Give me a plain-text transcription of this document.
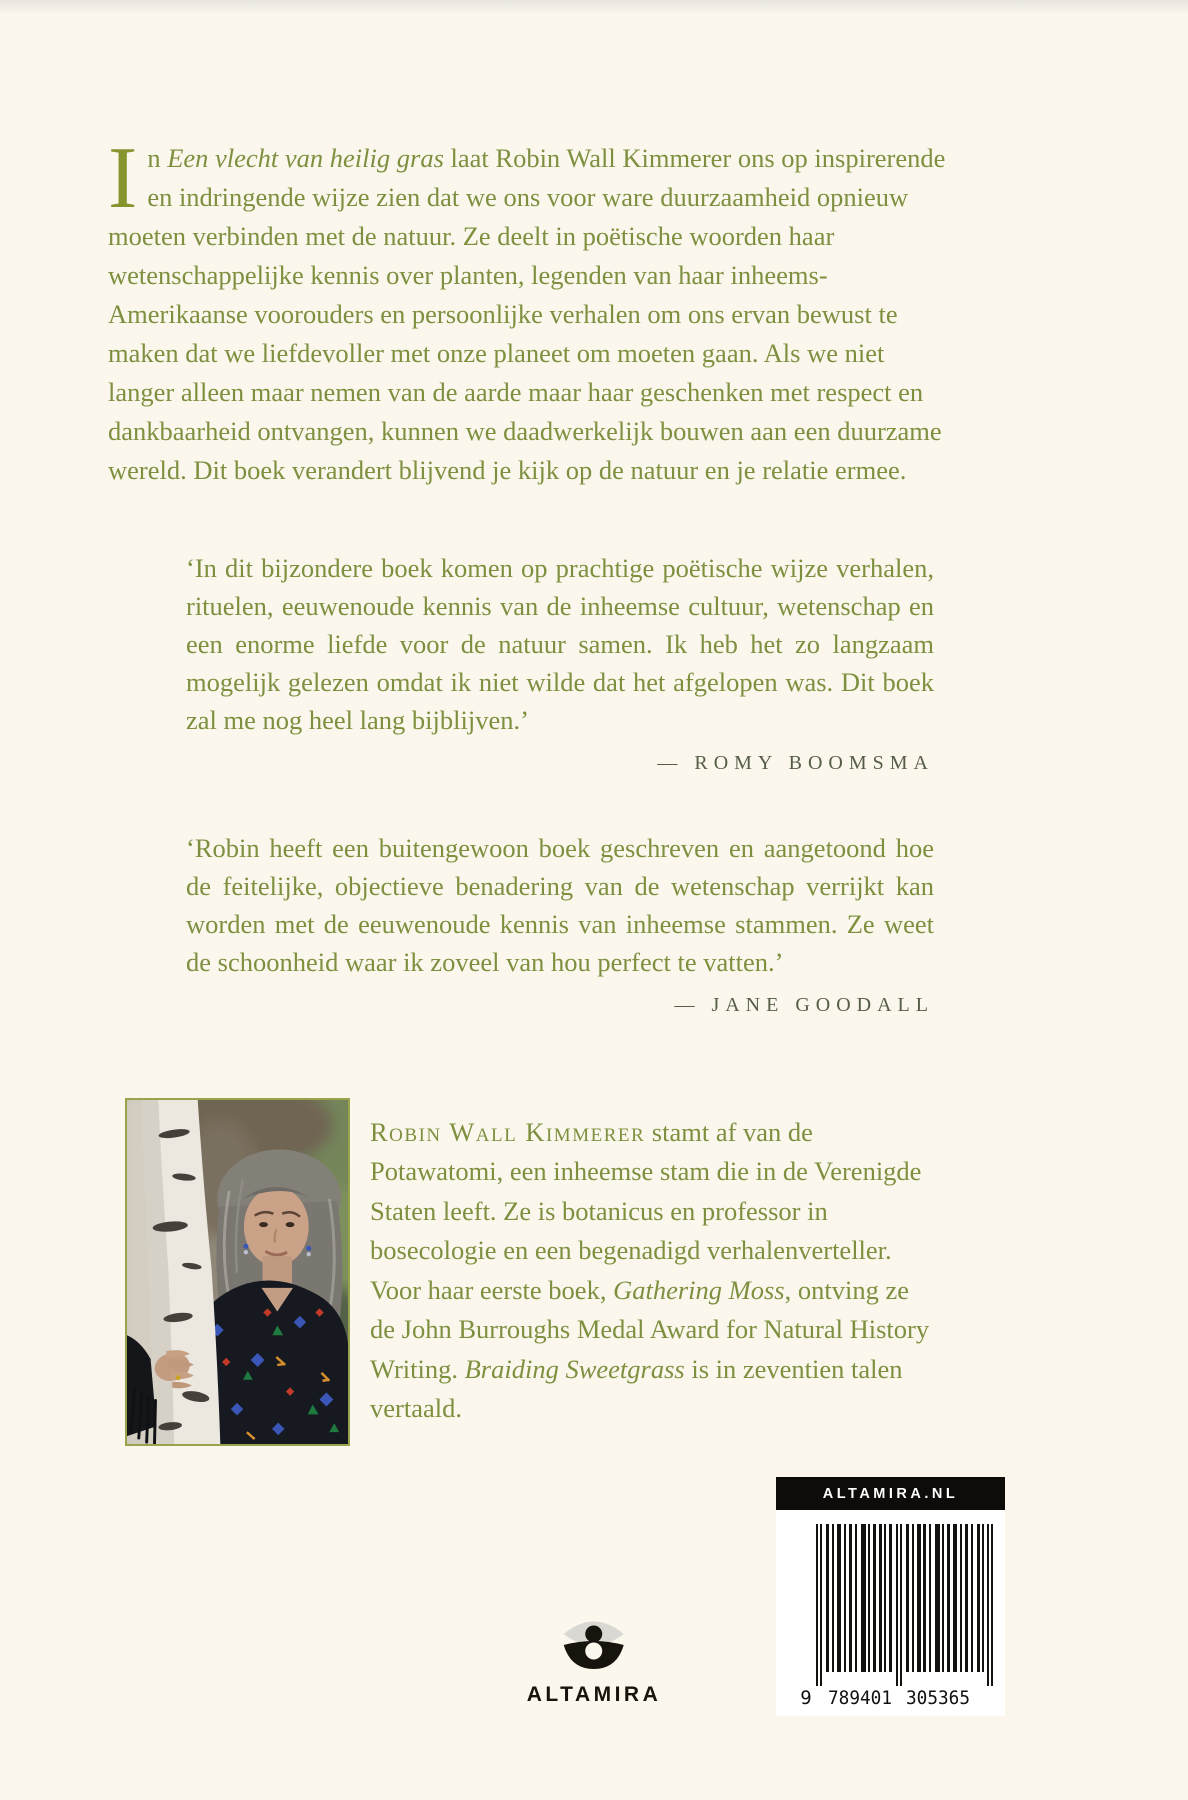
In Een vlecht van heilig gras laat Robin Wall Kimmerer ons op inspirerende en indringende wijze zien dat we ons voor ware duurzaamheid opnieuw moeten verbinden met de natuur. Ze deelt in poëtische woorden haar wetenschappelijke kennis over planten, legenden van haar inheems-Amerikaanse voorouders en persoonlijke verhalen om ons ervan bewust te maken dat we liefdevoller met onze planeet om moeten gaan. Als we niet langer alleen maar nemen van de aarde maar haar geschenken met respect en dankbaarheid ontvangen, kunnen we daadwerkelijk bouwen aan een duurzame wereld. Dit boek verandert blijvend je kijk op de natuur en je relatie ermee.

‘In dit bijzondere boek komen op prachtige poëtische wijze verhalen, rituelen, eeuwenoude kennis van de inheemse cultuur, wetenschap en een enorme liefde voor de natuur samen. Ik heb het zo langzaam mogelijk gelezen omdat ik niet wilde dat het afgelopen was. Dit boek zal me nog heel lang bijblijven.’

— ROMY BOOMSMA

‘Robin heeft een buitengewoon boek geschreven en aangetoond hoe de feitelijke, objectieve benadering van de wetenschap verrijkt kan worden met de eeuwenoude kennis van inheemse stammen. Ze weet de schoonheid waar ik zoveel van hou perfect te vatten.’

— JANE GOODALL

Robin Wall Kimmerer stamt af van de Potawatomi, een inheemse stam die in de Verenigde Staten leeft. Ze is botanicus en professor in bosecologie en een begenadigd verhalenverteller. Voor haar eerste boek, Gathering Moss, ontving ze de John Burroughs Medal Award for Natural History Writing. Braiding Sweetgrass is in zeventien talen vertaald.

ALTAMIRA
ALTAMIRA.NL
9 789401 305365
